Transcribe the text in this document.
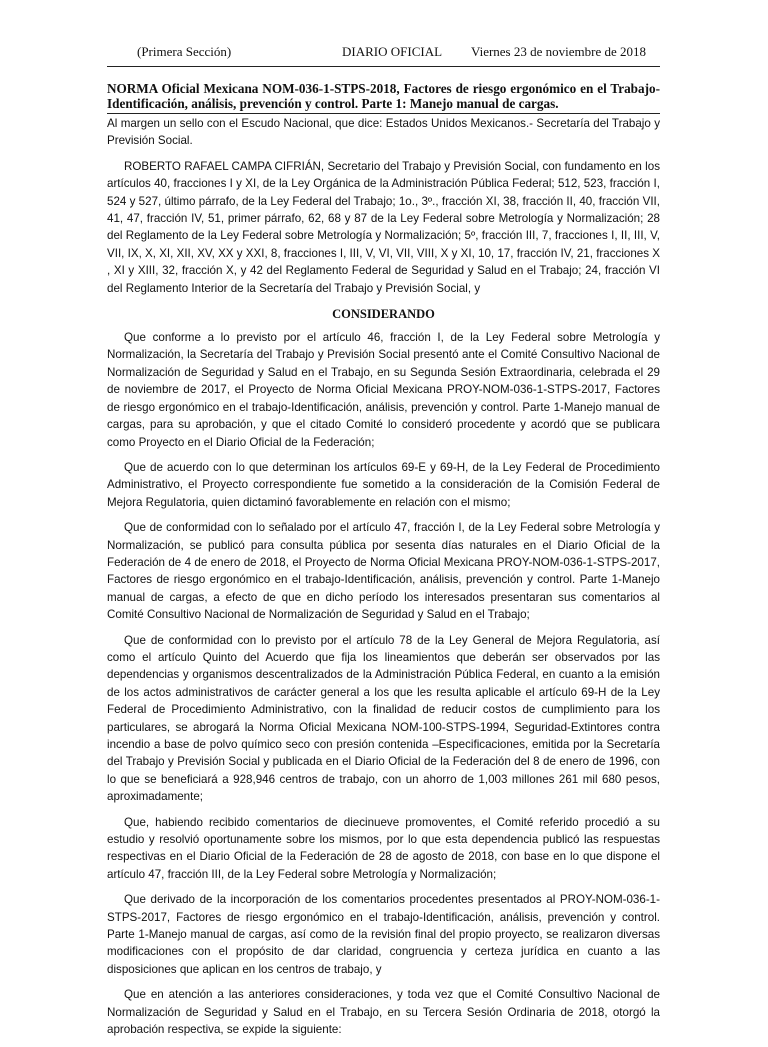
(Primera Sección)	DIARIO OFICIAL Viernes 23 de noviembre de 2018
NORMA Oficial Mexicana NOM-036-1-STPS-2018, Factores de riesgo ergonómico en el Trabajo-Identificación, análisis, prevención y control. Parte 1: Manejo manual de cargas.

Al margen un sello con el Escudo Nacional, que dice: Estados Unidos Mexicanos.- Secretaría del Trabajo y Previsión Social.

ROBERTO RAFAEL CAMPA CIFRIÁN, Secretario del Trabajo y Previsión Social, con fundamento en los artículos 40, fracciones I y XI, de la Ley Orgánica de la Administración Pública Federal; 512, 523, fracción I, 524 y 527, último párrafo, de la Ley Federal del Trabajo; 1o., 3º., fracción XI, 38, fracción II, 40, fracción VII, 41, 47, fracción IV, 51, primer párrafo, 62, 68 y 87 de la Ley Federal sobre Metrología y Normalización; 28 del Reglamento de la Ley Federal sobre Metrología y Normalización; 5º, fracción III, 7, fracciones I, II, III, V, VII, IX, X, XI, XII, XV, XX y XXI, 8, fracciones I, III, V, VI, VII, VIII, X y XI, 10, 17, fracción IV, 21, fracciones X , XI y XIII, 32, fracción X, y 42 del Reglamento Federal de Seguridad y Salud en el Trabajo; 24, fracción VI del Reglamento Interior de la Secretaría del Trabajo y Previsión Social, y

CONSIDERANDO

Que conforme a lo previsto por el artículo 46, fracción I, de la Ley Federal sobre Metrología y Normalización, la Secretaría del Trabajo y Previsión Social presentó ante el Comité Consultivo Nacional de Normalización de Seguridad y Salud en el Trabajo, en su Segunda Sesión Extraordinaria, celebrada el 29 de noviembre de 2017, el Proyecto de Norma Oficial Mexicana PROY-NOM-036-1-STPS-2017, Factores de riesgo ergonómico en el trabajo-Identificación, análisis, prevención y control. Parte 1-Manejo manual de cargas, para su aprobación, y que el citado Comité lo consideró procedente y acordó que se publicara como Proyecto en el Diario Oficial de la Federación;

Que de acuerdo con lo que determinan los artículos 69-E y 69-H, de la Ley Federal de Procedimiento Administrativo, el Proyecto correspondiente fue sometido a la consideración de la Comisión Federal de Mejora Regulatoria, quien dictaminó favorablemente en relación con el mismo;

Que de conformidad con lo señalado por el artículo 47, fracción I, de la Ley Federal sobre Metrología y Normalización, se publicó para consulta pública por sesenta días naturales en el Diario Oficial de la Federación de 4 de enero de 2018, el Proyecto de Norma Oficial Mexicana PROY-NOM-036-1-STPS-2017, Factores de riesgo ergonómico en el trabajo-Identificación, análisis, prevención y control. Parte 1-Manejo manual de cargas, a efecto de que en dicho período los interesados presentaran sus comentarios al Comité Consultivo Nacional de Normalización de Seguridad y Salud en el Trabajo;

Que de conformidad con lo previsto por el artículo 78 de la Ley General de Mejora Regulatoria, así como el artículo Quinto del Acuerdo que fija los lineamientos que deberán ser observados por las dependencias y organismos descentralizados de la Administración Pública Federal, en cuanto a la emisión de los actos administrativos de carácter general a los que les resulta aplicable el artículo 69-H de la Ley Federal de Procedimiento Administrativo, con la finalidad de reducir costos de cumplimiento para los particulares, se abrogará la Norma Oficial Mexicana NOM-100-STPS-1994, Seguridad-Extintores contra incendio a base de polvo químico seco con presión contenida –Especificaciones, emitida por la Secretaría del Trabajo y Previsión Social y publicada en el Diario Oficial de la Federación del 8 de enero de 1996, con lo que se beneficiará a 928,946 centros de trabajo, con un ahorro de 1,003 millones 261 mil 680 pesos, aproximadamente;

Que, habiendo recibido comentarios de diecinueve promoventes, el Comité referido procedió a su estudio y resolvió oportunamente sobre los mismos, por lo que esta dependencia publicó las respuestas respectivas en el Diario Oficial de la Federación de 28 de agosto de 2018, con base en lo que dispone el artículo 47, fracción III, de la Ley Federal sobre Metrología y Normalización;

Que derivado de la incorporación de los comentarios procedentes presentados al PROY-NOM-036-1-STPS-2017, Factores de riesgo ergonómico en el trabajo-Identificación, análisis, prevención y control. Parte 1-Manejo manual de cargas, así como de la revisión final del propio proyecto, se realizaron diversas modificaciones con el propósito de dar claridad, congruencia y certeza jurídica en cuanto a las disposiciones que aplican en los centros de trabajo, y

Que en atención a las anteriores consideraciones, y toda vez que el Comité Consultivo Nacional de Normalización de Seguridad y Salud en el Trabajo, en su Tercera Sesión Ordinaria de 2018, otorgó la aprobación respectiva, se expide la siguiente:
